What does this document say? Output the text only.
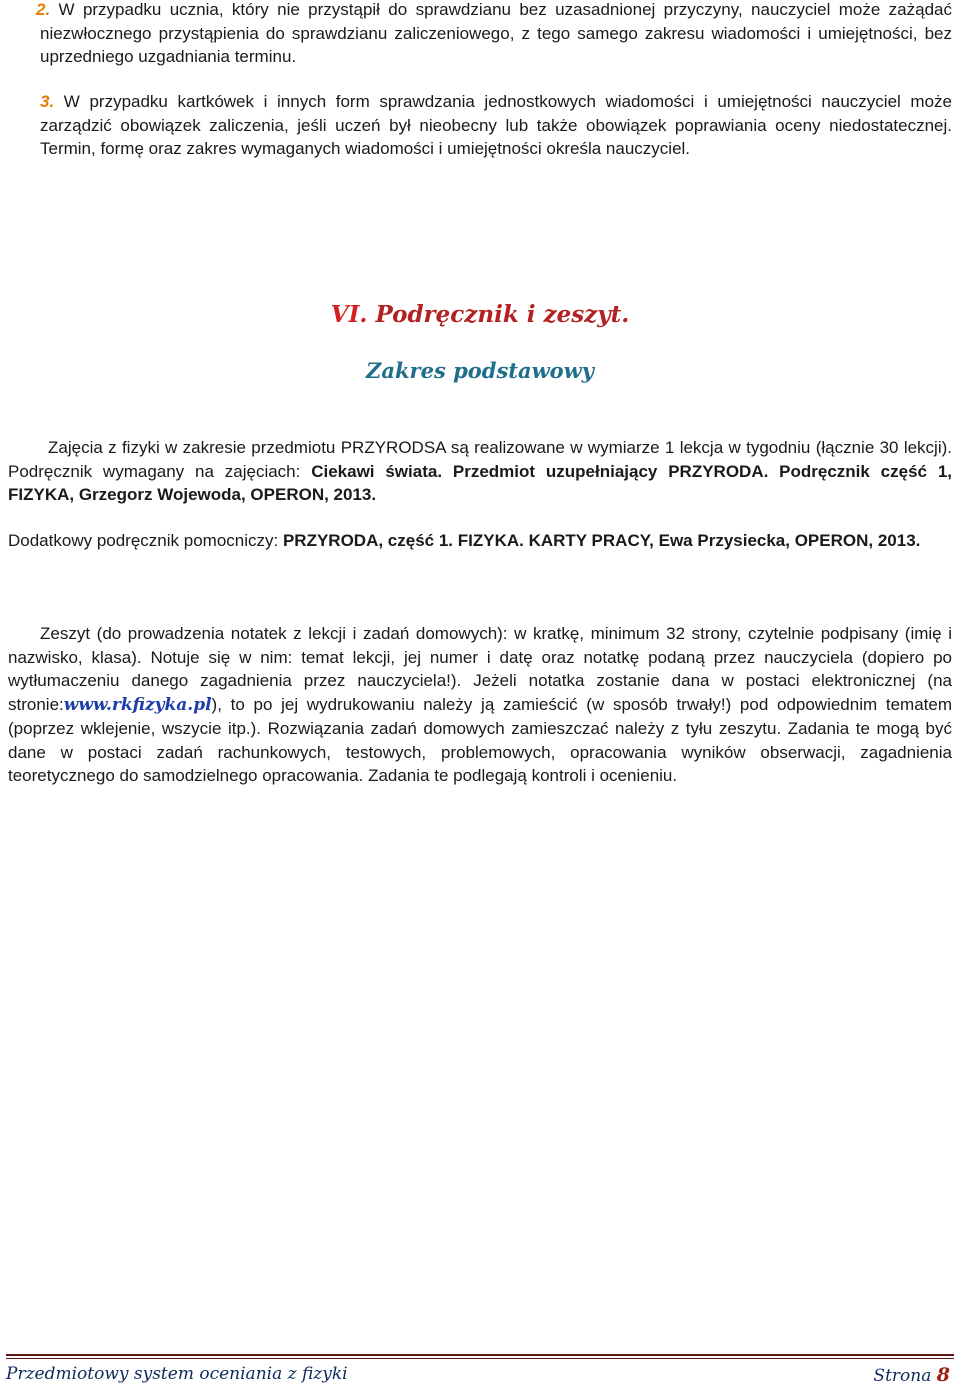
2. W przypadku ucznia, który nie przystąpił do sprawdzianu bez uzasadnionej przyczyny, nauczyciel może zażądać niezwłocznego przystąpienia do sprawdzianu zaliczeniowego, z tego samego zakresu wiadomości i umiejętności, bez uprzedniego uzgadniania terminu.
3. W przypadku kartkówek i innych form sprawdzania jednostkowych wiadomości i umiejętności nauczyciel może zarządzić obowiązek zaliczenia, jeśli uczeń był nieobecny lub także obowiązek poprawiania oceny niedostatecznej. Termin, formę oraz zakres wymaganych wiadomości i umiejętności określa nauczyciel.
VI. Podręcznik i zeszyt.
Zakres podstawowy
Zajęcia z fizyki w zakresie przedmiotu PRZYRODSA są realizowane w wymiarze 1 lekcja w tygodniu (łącznie 30 lekcji). Podręcznik wymagany na zajęciach: Ciekawi świata. Przedmiot uzupełniający PRZYRODA. Podręcznik część 1, FIZYKA, Grzegorz Wojewoda, OPERON, 2013.
Dodatkowy podręcznik pomocniczy: PRZYRODA, część 1. FIZYKA. KARTY PRACY, Ewa Przysiecka, OPERON, 2013.
Zeszyt (do prowadzenia notatek z lekcji i zadań domowych): w kratkę, minimum 32 strony, czytelnie podpisany (imię i nazwisko, klasa). Notuje się w nim: temat lekcji, jej numer i datę oraz notatkę podaną przez nauczyciela (dopiero po wytłumaczeniu danego zagadnienia przez nauczyciela!). Jeżeli notatka zostanie dana w postaci elektronicznej (na stronie:www.rkfizyka.pl), to po jej wydrukowaniu należy ją zamieścić (w sposób trwały!) pod odpowiednim tematem (poprzez wklejenie, wszycie itp.). Rozwiązania zadań domowych zamieszczać należy z tyłu zeszytu. Zadania te mogą być dane w postaci zadań rachunkowych, testowych, problemowych, opracowania wyników obserwacji, zagadnienia teoretycznego do samodzielnego opracowania. Zadania te podlegają kontroli i ocenieniu.
Przedmiotowy system oceniania z fizyki	Strona 8
